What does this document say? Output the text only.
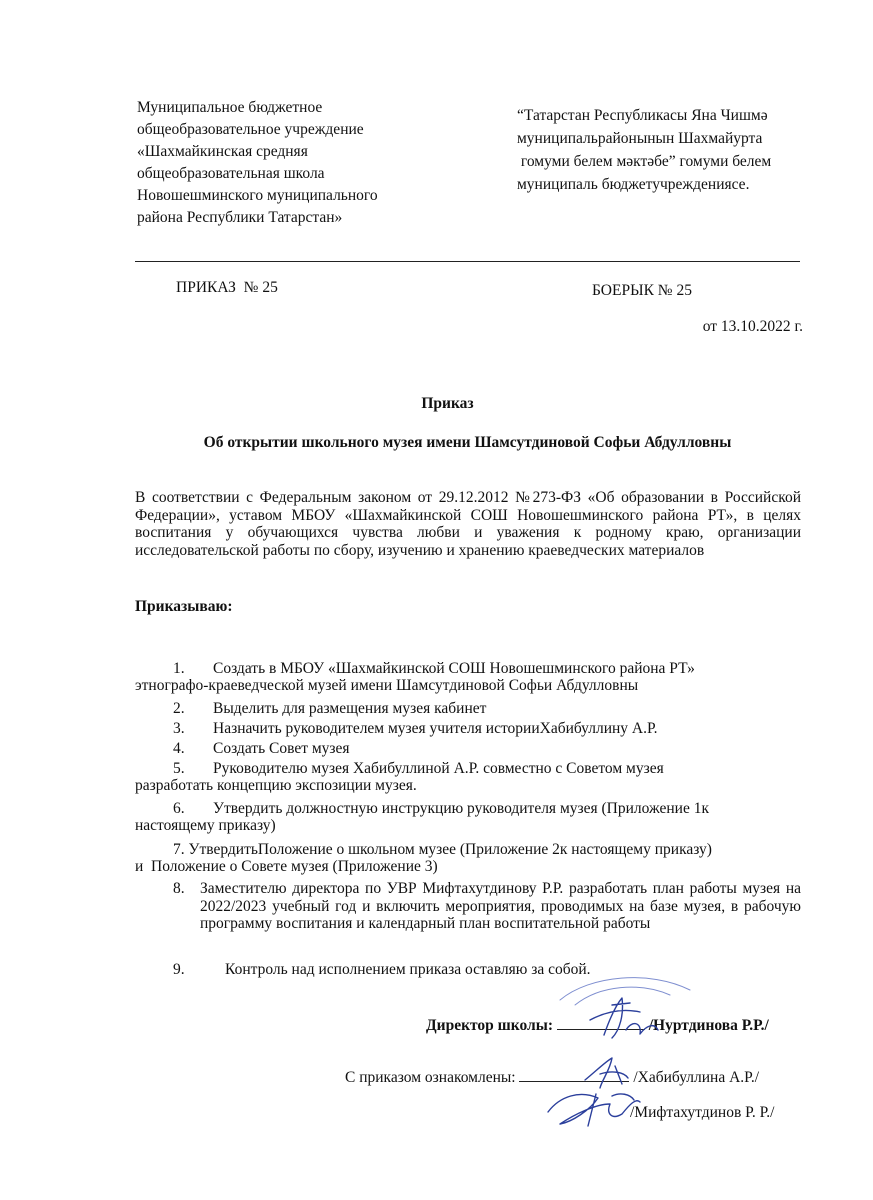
Муниципальное бюджетное
общеобразовательное учреждение
«Шахмайкинская средняя
общеобразовательная школа
Новошешминского муниципального
района Республики Татарстан»
“Татарстан Республикасы Яна Чишмә
муниципальрайонынын Шахмайурта
гомуми белем мәктәбе” гомуми белем
муниципаль бюджетучреждениясе.
ПРИКАЗ  № 25	БОЕРЫК № 25
от 13.10.2022 г.
Приказ
Об открытии школьного музея имени Шамсутдиновой Софьи Абдулловны
В соответствии с Федеральным законом от 29.12.2012 №273-ФЗ «Об образовании в Российской Федерации», уставом МБОУ «Шахмайкинской СОШ Новошешминского района РТ», в целях воспитания у обучающихся чувства любви и уважения к родному краю, организации исследовательской работы по сбору, изучению и хранению краеведческих материалов
Приказываю:
1. Создать в МБОУ «Шахмайкинской СОШ Новошешминского района РТ»
этнографо-краеведческой музей имени Шамсутдиновой Софьи Абдулловны
2. Выделить для размещения музея кабинет
3. Назначить руководителем музея учителя историиХабибуллину А.Р.
4. Создать Совет музея
5. Руководителю музея Хабибуллиной А.Р. совместно с Советом музея
разработать концепцию экспозиции музея.
6. Утвердить должностную инструкцию руководителя музея (Приложение 1к
настоящему приказу)
7. УтвердитьПоложение о школьном музее (Приложение 2к настоящему приказу)
и  Положение о Совете музея (Приложение 3)
8. Заместителю директора по УВР Мифтахутдинову Р.Р. разработать план работы музея на 2022/2023 учебный год и включить мероприятия, проводимых на базе музея, в рабочую программу воспитания и календарный план воспитательной работы
9.	Контроль над исполнением приказа оставляю за собой.
Директор школы:	/Нуртдинова Р.Р./
С приказом ознакомлены:	/Хабибуллина А.Р./
/Мифтахутдинов Р. Р./
